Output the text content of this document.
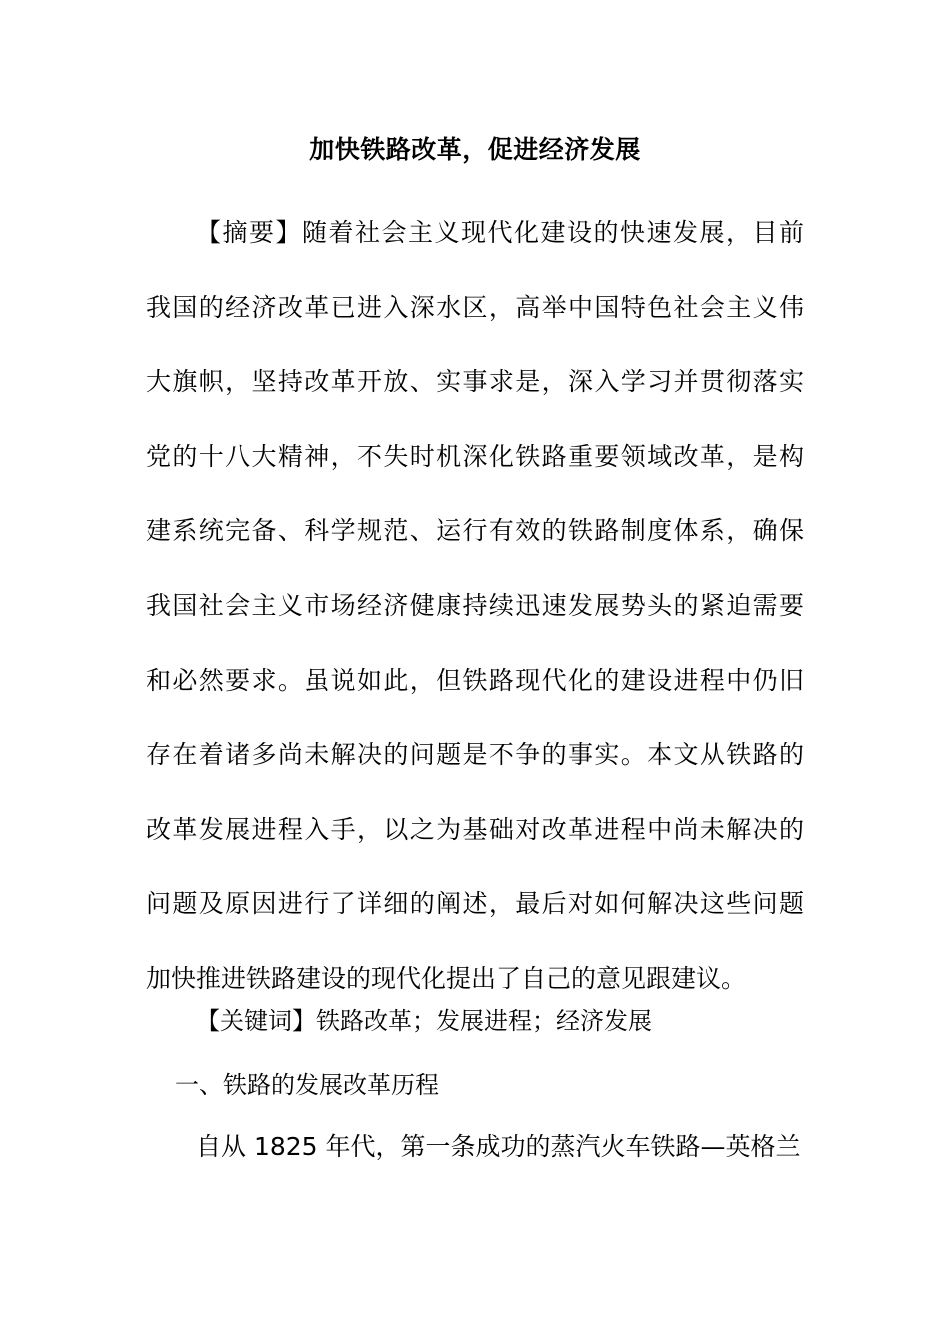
加快铁路改革，促进经济发展
【摘要】随着社会主义现代化建设的快速发展，目前
我国的经济改革已进入深水区，高举中国特色社会主义伟
大旗帜，坚持改革开放、实事求是，深入学习并贯彻落实
党的十八大精神，不失时机深化铁路重要领域改革，是构
建系统完备、科学规范、运行有效的铁路制度体系，确保
我国社会主义市场经济健康持续迅速发展势头的紧迫需要
和必然要求。虽说如此，但铁路现代化的建设进程中仍旧
存在着诸多尚未解决的问题是不争的事实。本文从铁路的
改革发展进程入手，以之为基础对改革进程中尚未解决的
问题及原因进行了详细的阐述，最后对如何解决这些问题
加快推进铁路建设的现代化提出了自己的意见跟建议。
【关键词】铁路改革；发展进程；经济发展
一、铁路的发展改革历程
自从 1825 年代，第一条成功的蒸汽火车铁路—英格兰
